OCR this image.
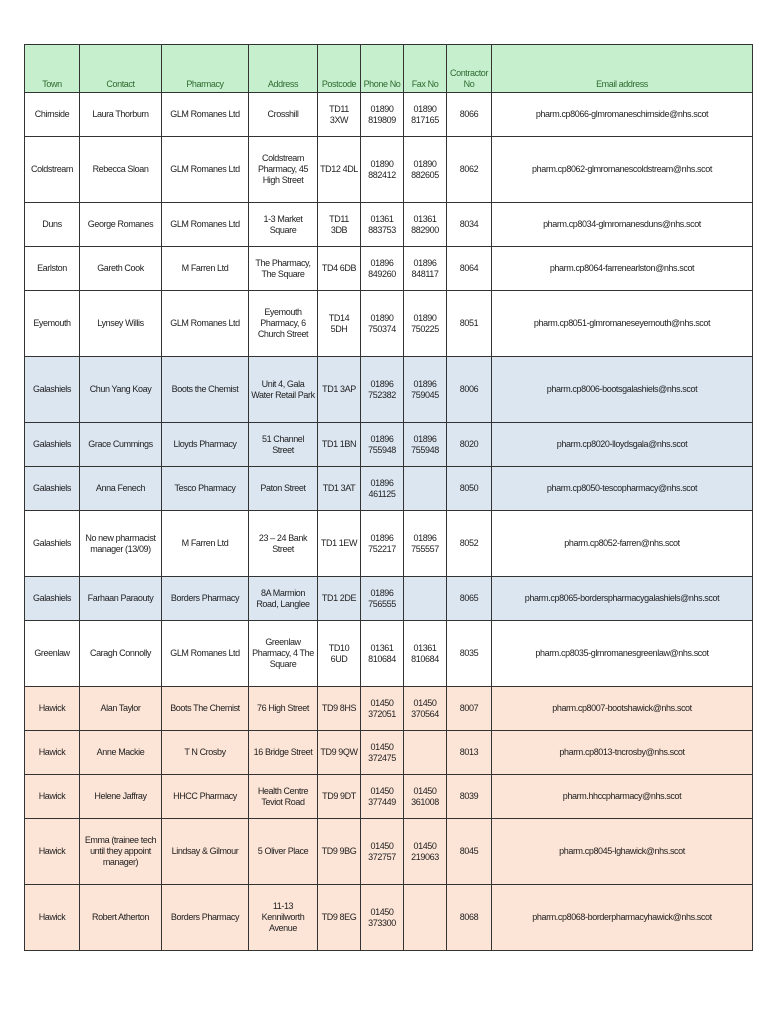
Town	Contact	Pharmacy	Address	Postcode	Phone No	Fax No	Contractor No	Email address
Chirnside	Laura Thorburn	GLM Romanes Ltd	Crosshill	TD11 3XW	01890 819809	01890 817165	8066	pharm.cp8066-glmromaneschirnside@nhs.scot
Coldstream	Rebecca Sloan	GLM Romanes Ltd	Coldstream Pharmacy, 45 High Street	TD12 4DL	01890 882412	01890 882605	8062	pharm.cp8062-glmromanescoldstream@nhs.scot
Duns	George Romanes	GLM Romanes Ltd	1-3 Market Square	TD11 3DB	01361 883753	01361 882900	8034	pharm.cp8034-glmromanesduns@nhs.scot
Earlston	Gareth Cook	M Farren Ltd	The Pharmacy, The Square	TD4 6DB	01896 849260	01896 848117	8064	pharm.cp8064-farrenearlston@nhs.scot
Eyemouth	Lynsey Willis	GLM Romanes Ltd	Eyemouth Pharmacy, 6 Church Street	TD14 5DH	01890 750374	01890 750225	8051	pharm.cp8051-glmromaneseyemouth@nhs.scot
Galashiels	Chun Yang Koay	Boots the Chemist	Unit 4, Gala Water Retail Park	TD1 3AP	01896 752382	01896 759045	8006	pharm.cp8006-bootsgalashiels@nhs.scot
Galashiels	Grace Cummings	Lloyds Pharmacy	51 Channel Street	TD1 1BN	01896 755948	01896 755948	8020	pharm.cp8020-lloydsgala@nhs.scot
Galashiels	Anna Fenech	Tesco Pharmacy	Paton Street	TD1 3AT	01896 461125		8050	pharm.cp8050-tescopharmacy@nhs.scot
Galashiels	No new pharmacist manager (13/09)	M Farren Ltd	23 – 24 Bank Street	TD1 1EW	01896 752217	01896 755557	8052	pharm.cp8052-farren@nhs.scot
Galashiels	Farhaan Paraouty	Borders Pharmacy	8A Marmion Road, Langlee	TD1 2DE	01896 756555		8065	pharm.cp8065-borderspharmacygalashiels@nhs.scot
Greenlaw	Caragh Connolly	GLM Romanes Ltd	Greenlaw Pharmacy, 4 The Square	TD10 6UD	01361 810684	01361 810684	8035	pharm.cp8035-glmromanesgreenlaw@nhs.scot
Hawick	Alan Taylor	Boots The Chemist	76 High Street	TD9 8HS	01450 372051	01450 370564	8007	pharm.cp8007-bootshawick@nhs.scot
Hawick	Anne Mackie	T N Crosby	16 Bridge Street	TD9 9QW	01450 372475		8013	pharm.cp8013-tncrosby@nhs.scot
Hawick	Helene Jaffray	HHCC Pharmacy	Health Centre Teviot Road	TD9 9DT	01450 377449	01450 361008	8039	pharm.hhccpharmacy@nhs.scot
Hawick	Emma (trainee tech until they appoint manager)	Lindsay & Gilmour	5 Oliver Place	TD9 9BG	01450 372757	01450 219063	8045	pharm.cp8045-lghawick@nhs.scot
Hawick	Robert Atherton	Borders Pharmacy	11-13 Kennilworth Avenue	TD9 8EG	01450 373300		8068	pharm.cp8068-borderpharmacyhawick@nhs.scot
